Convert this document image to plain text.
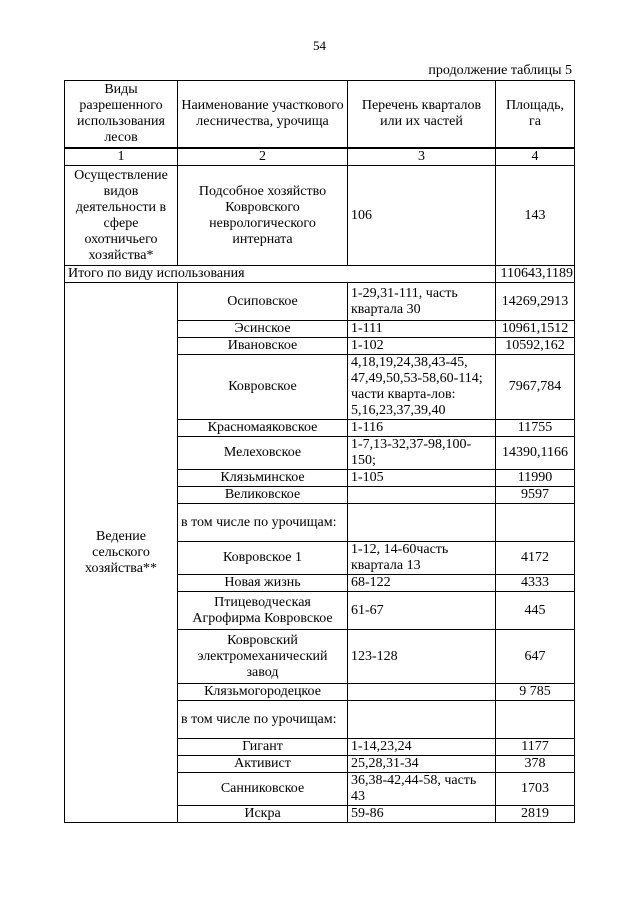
54
продолжение таблицы 5
Виды разрешенного использования лесов	Наименование участкового лесничества, урочища	Перечень кварталов или их частей	Площадь, га
1	2	3	4
Осуществление видов деятельности в сфере охотничьего хозяйства*	Подсобное хозяйство Ковровского неврологического интерната	106	143
Итого по виду использования			110643,1189
Ведение сельского хозяйства**	Осиповское	1-29,31-111, часть квартала 30	14269,2913
	Эсинское	1-111	10961,1512
	Ивановское	1-102	10592,162
	Ковровское	4,18,19,24,38,43-45, 47,49,50,53-58,60-114; части кварта-лов: 5,16,23,37,39,40	7967,784
	Красномаяковское	1-116	11755
	Мелеховское	1-7,13-32,37-98,100-150;	14390,1166
	Клязьминское	1-105	11990
	Великовское		9597
	в том числе по урочищам:		
	Ковровское 1	1-12, 14-60часть квартала 13	4172
	Новая жизнь	68-122	4333
	Птицеводческая Агрофирма Ковровское	61-67	445
	Ковровский электромеханический завод	123-128	647
	Клязьмогородецкое		9 785
	в том числе по урочищам:		
	Гигант	1-14,23,24	1177
	Активист	25,28,31-34	378
	Санниковское	36,38-42,44-58, часть 43	1703
	Искра	59-86	2819
